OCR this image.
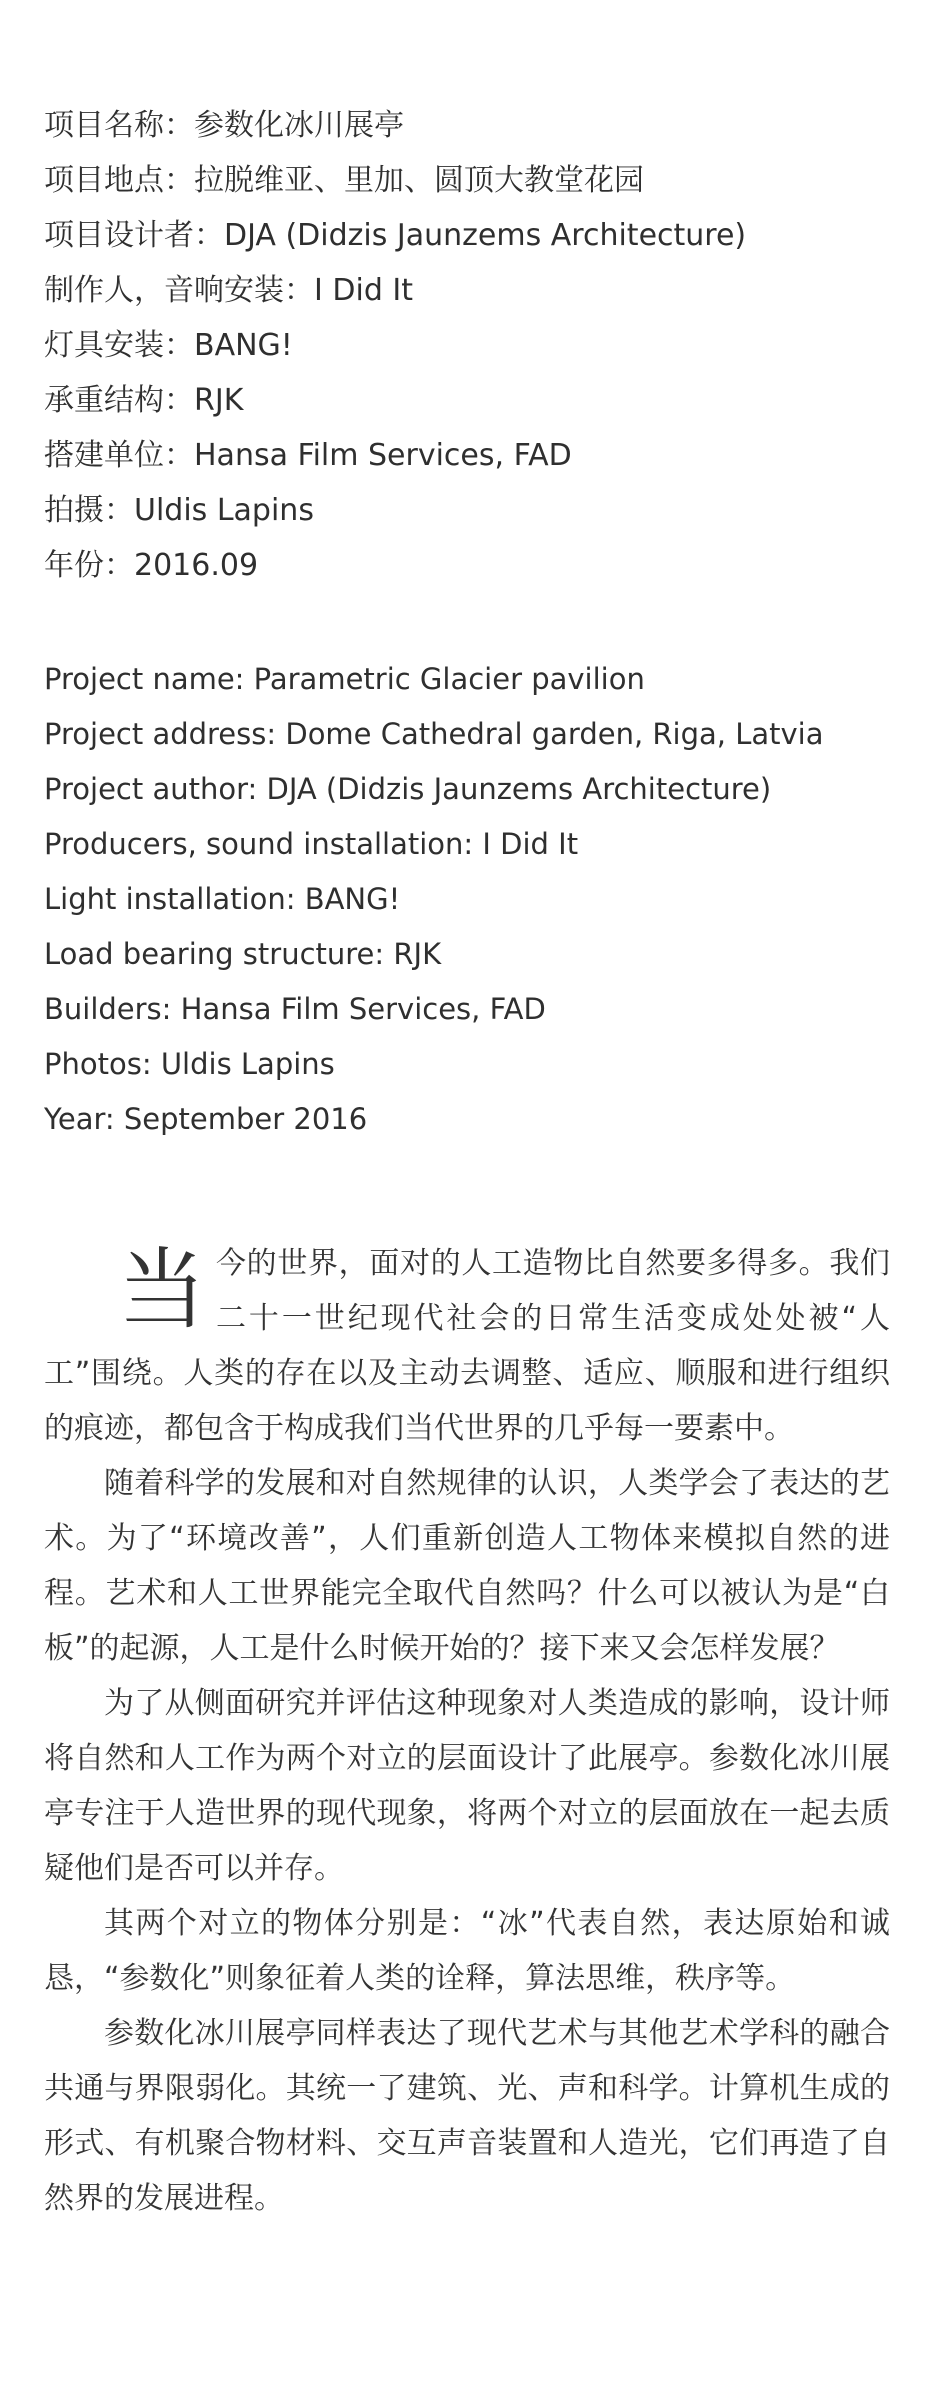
项目名称：参数化冰川展亭
项目地点：拉脱维亚、里加、圆顶大教堂花园
项目设计者：DJA (Didzis Jaunzems Architecture)
制作人，音响安装：I Did It
灯具安装：BANG!
承重结构：RJK
搭建单位：Hansa Film Services, FAD
拍摄：Uldis Lapins
年份：2016.09
Project name: Parametric Glacier pavilion
Project address: Dome Cathedral garden, Riga, Latvia
Project author: DJA (Didzis Jaunzems Architecture)
Producers, sound installation: I Did It
Light installation: BANG!
Load bearing structure: RJK
Builders: Hansa Film Services, FAD
Photos: Uldis Lapins
Year: September 2016

当今的世界，面对的人工造物比自然要多得多。我们二十一世纪现代社会的日常生活变成处处被“人工”围绕。人类的存在以及主动去调整、适应、顺服和进行组织的痕迹，都包含于构成我们当代世界的几乎每一要素中。

随着科学的发展和对自然规律的认识，人类学会了表达的艺术。为了“环境改善”，人们重新创造人工物体来模拟自然的进程。艺术和人工世界能完全取代自然吗？什么可以被认为是“白板”的起源，人工是什么时候开始的？接下来又会怎样发展？

为了从侧面研究并评估这种现象对人类造成的影响，设计师将自然和人工作为两个对立的层面设计了此展亭。参数化冰川展亭专注于人造世界的现代现象，将两个对立的层面放在一起去质疑他们是否可以并存。

其两个对立的物体分别是：“冰”代表自然，表达原始和诚恳，“参数化”则象征着人类的诠释，算法思维，秩序等。

参数化冰川展亭同样表达了现代艺术与其他艺术学科的融合共通与界限弱化。其统一了建筑、光、声和科学。计算机生成的形式、有机聚合物材料、交互声音装置和人造光，它们再造了自然界的发展进程。
